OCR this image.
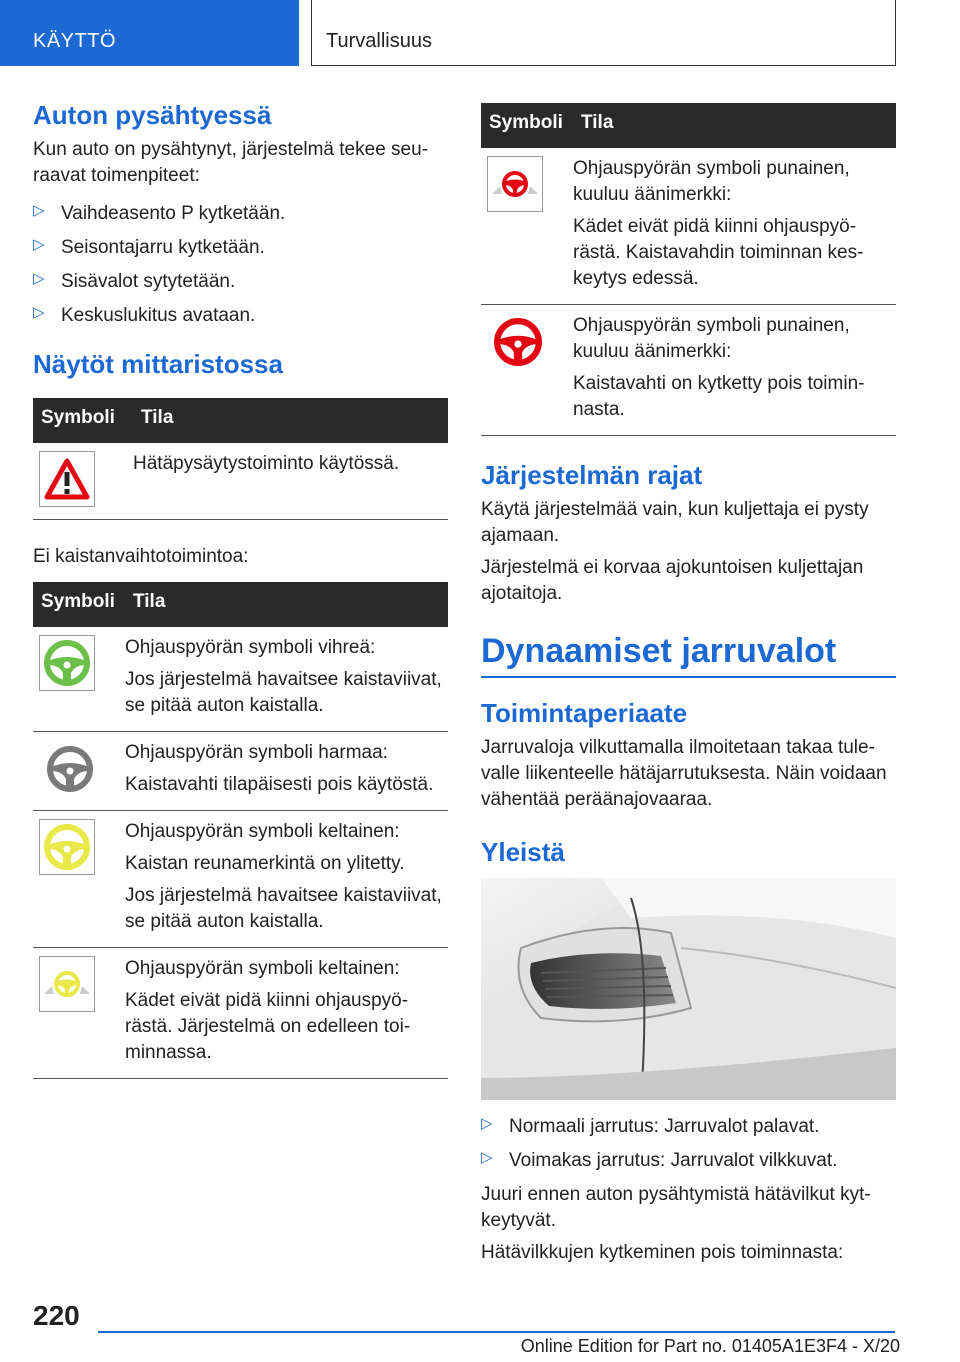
KÄYTTÖ	Turvallisuus
Auton pysähtyessä

Kun auto on pysähtynyt, järjestelmä tekee seuraavat toimenpiteet:

▷ Vaihdeasento P kytketään.
▷ Seisontajarru kytketään.
▷ Sisävalot sytytetään.
▷ Keskuslukitus avataan.
Näytöt mittaristossa
Symboli	Tila

Hätäpysäytystoiminto käytössä.

Ei kaistanvaihtotoimintoa:

Symboli	Tila

Ohjauspyörän symboli vihreä:

Jos järjestelmä havaitsee kaistaviivat, se pitää auton kaistalla.

Ohjauspyörän symboli harmaa:

Kaistavahti tilapäisesti pois käytöstä.

Ohjauspyörän symboli keltainen:

Kaistan reunamerkintä on ylitetty.

Jos järjestelmä havaitsee kaistaviivat, se pitää auton kaistalla.

Ohjauspyörän symboli keltainen:

Kädet eivät pidä kiinni ohjauspyörästä. Järjestelmä on edelleen toiminnassa.

Symboli	Tila

Ohjauspyörän symboli punainen, kuuluu äänimerkki:

Kädet eivät pidä kiinni ohjauspyörästä. Kaistavahdin toiminnan keskeytys edessä.

Ohjauspyörän symboli punainen, kuuluu äänimerkki:

Kaistavahti on kytketty pois toiminnasta.

Järjestelmän rajat

Käytä järjestelmää vain, kun kuljettaja ei pysty ajamaan.

Järjestelmä ei korvaa ajokuntoisen kuljettajan ajotaitoja.

Dynaamiset jarruvalot
Toimintaperiaate

Jarruvaloja vilkuttamalla ilmoitetaan takaa tulevalle liikenteelle hätäjarrutuksesta. Näin voidaan vähentää peräänajovaaraa.

Yleistä
▷ Normaali jarrutus: Jarruvalot palavat.
▷ Voimakas jarrutus: Jarruvalot vilkkuvat.

Juuri ennen auton pysähtymistä hätävilkut kytkeytyvät.

Hätävilkkujen kytkeminen pois toiminnasta:

220
Online Edition for Part no. 01405A1E3F4 - X/20
